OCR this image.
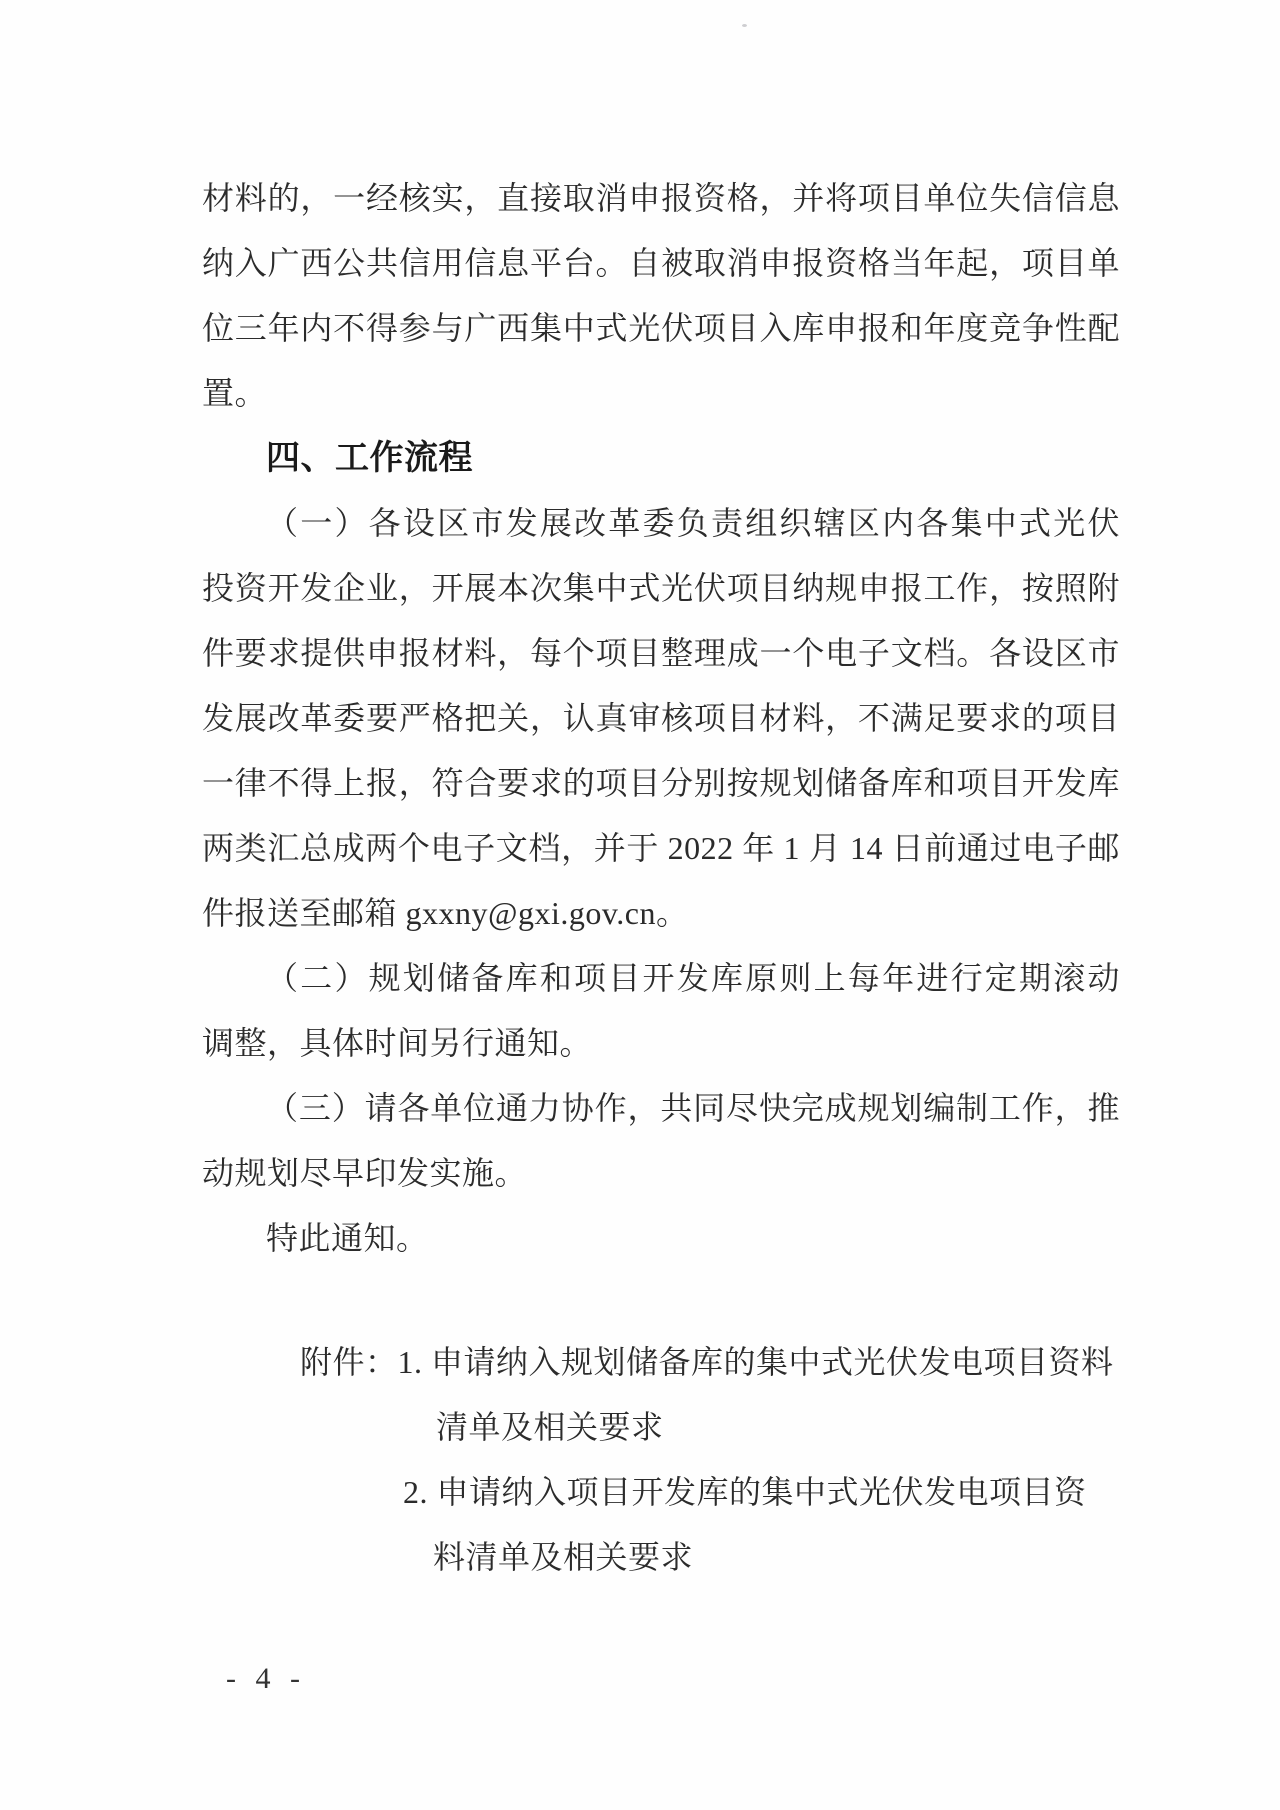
材料的，一经核实，直接取消申报资格，并将项目单位失信信息
纳入广西公共信用信息平台。自被取消申报资格当年起，项目单
位三年内不得参与广西集中式光伏项目入库申报和年度竞争性配
置。
四、工作流程
（一）各设区市发展改革委负责组织辖区内各集中式光伏
投资开发企业，开展本次集中式光伏项目纳规申报工作，按照附
件要求提供申报材料，每个项目整理成一个电子文档。各设区市
发展改革委要严格把关，认真审核项目材料，不满足要求的项目
一律不得上报，符合要求的项目分别按规划储备库和项目开发库
两类汇总成两个电子文档，并于 2022 年 1 月 14 日前通过电子邮
件报送至邮箱 gxxny@gxi.gov.cn。
（二）规划储备库和项目开发库原则上每年进行定期滚动
调整，具体时间另行通知。
（三）请各单位通力协作，共同尽快完成规划编制工作，推
动规划尽早印发实施。
特此通知。
附件：1. 申请纳入规划储备库的集中式光伏发电项目资料
清单及相关要求
2. 申请纳入项目开发库的集中式光伏发电项目资
料清单及相关要求
- 4 -
